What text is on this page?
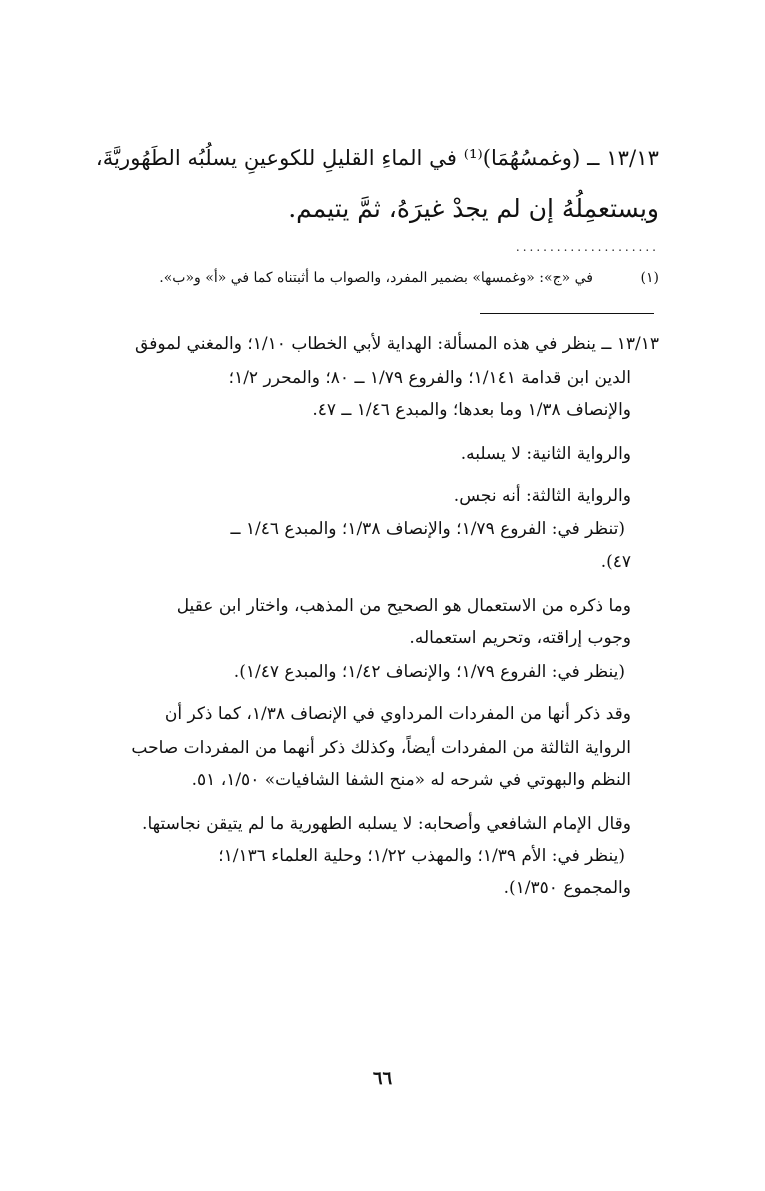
١٣/١٣ ــ (وغمسُهُمَا)⁽¹⁾ في الماءِ القليلِ للكوعينِ يسلُبُه الطَهُوريَّةَ،
ويستعمِلُهُ إن لم يجدْ غيرَهُ، ثمَّ يتيمم.
.....................
(١)
في «ج»: «وغمسها» بضمير المفرد، والصواب ما أثبتناه كما في «أ» و«ب».
١٣/١٣ ــ ينظر في هذه المسألة: الهداية لأبي الخطاب ١/١٠؛ والمغني لموفق
الدين ابن قدامة ١/١٤١؛ والفروع ١/٧٩ ــ ٨٠؛ والمحرر ١/٢؛
والإنصاف ١/٣٨ وما بعدها؛ والمبدع ١/٤٦ ــ ٤٧.
والرواية الثانية: لا يسلبه.
والرواية الثالثة: أنه نجس.
(تنظر في: الفروع ١/٧٩؛ والإنصاف ١/٣٨؛ والمبدع ١/٤٦ ــ
٤٧).
وما ذكره من الاستعمال هو الصحيح من المذهب، واختار ابن عقيل
وجوب إراقته، وتحريم استعماله.
(ينظر في: الفروع ١/٧٩؛ والإنصاف ١/٤٢؛ والمبدع ١/٤٧).
وقد ذكر أنها من المفردات المرداوي في الإنصاف ١/٣٨، كما ذكر أن
الرواية الثالثة من المفردات أيضاً، وكذلك ذكر أنهما من المفردات صاحب
النظم والبهوتي في شرحه له «منح الشفا الشافيات» ١/٥٠، ٥١.
وقال الإمام الشافعي وأصحابه: لا يسلبه الطهورية ما لم يتيقن نجاستها.
(ينظر في: الأم ١/٣٩؛ والمهذب ١/٢٢؛ وحلية العلماء ١/١٣٦؛
والمجموع ١/٣٥٠).
٦٦
